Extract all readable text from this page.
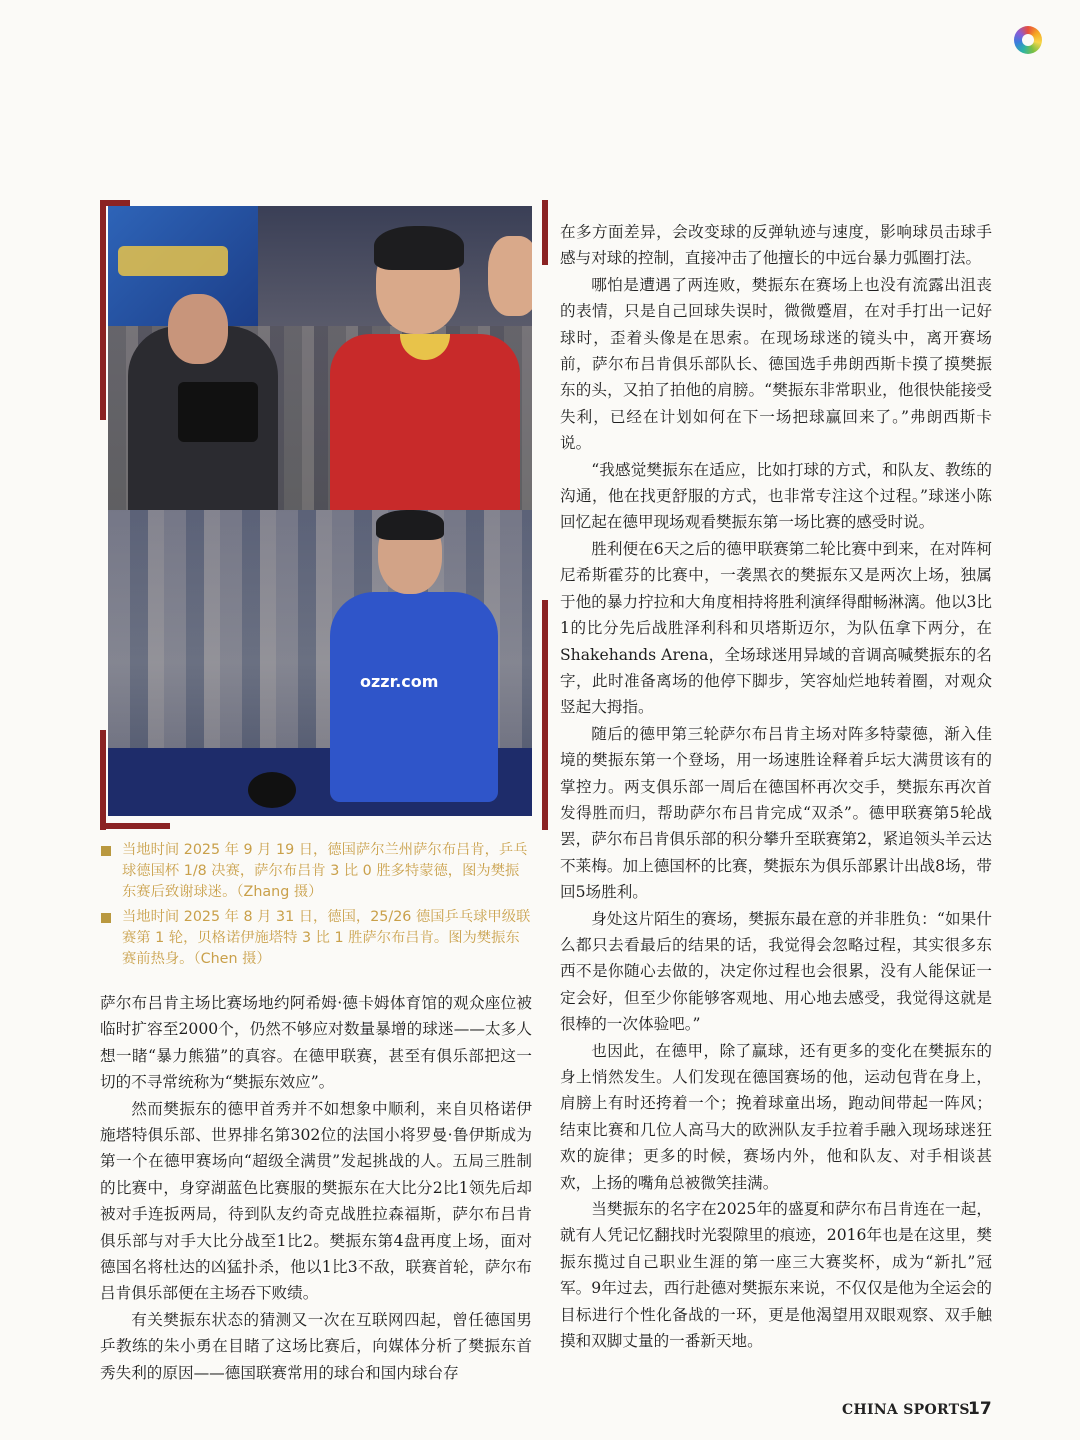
ozzr.com
当地时间 2025 年 9 月 19 日，德国萨尔兰州萨尔布吕肯，乒乓球德国杯 1/8 决赛，萨尔布吕肯 3 比 0 胜多特蒙德，图为樊振东赛后致谢球迷。（Zhang 摄）
当地时间 2025 年 8 月 31 日，德国，25/26 德国乒乓球甲级联赛第 1 轮，贝格诺伊施塔特 3 比 1 胜萨尔布吕肯。图为樊振东赛前热身。（Chen 摄）

萨尔布吕肯主场比赛场地约阿希姆·德卡姆体育馆的观众座位被临时扩容至2000个，仍然不够应对数量暴增的球迷——太多人想一睹“暴力熊猫”的真容。在德甲联赛，甚至有俱乐部把这一切的不寻常统称为“樊振东效应”。

然而樊振东的德甲首秀并不如想象中顺利，来自贝格诺伊施塔特俱乐部、世界排名第302位的法国小将罗曼·鲁伊斯成为第一个在德甲赛场向“超级全满贯”发起挑战的人。五局三胜制的比赛中，身穿湖蓝色比赛服的樊振东在大比分2比1领先后却被对手连扳两局，待到队友约奇克战胜拉森福斯，萨尔布吕肯俱乐部与对手大比分战至1比2。樊振东第4盘再度上场，面对德国名将杜达的凶猛扑杀，他以1比3不敌，联赛首轮，萨尔布吕肯俱乐部便在主场吞下败绩。

有关樊振东状态的猜测又一次在互联网四起，曾任德国男乒教练的朱小勇在目睹了这场比赛后，向媒体分析了樊振东首秀失利的原因——德国联赛常用的球台和国内球台存

在多方面差异，会改变球的反弹轨迹与速度，影响球员击球手感与对球的控制，直接冲击了他擅长的中远台暴力弧圈打法。

哪怕是遭遇了两连败，樊振东在赛场上也没有流露出沮丧的表情，只是自己回球失误时，微微蹙眉，在对手打出一记好球时，歪着头像是在思索。在现场球迷的镜头中，离开赛场前，萨尔布吕肯俱乐部队长、德国选手弗朗西斯卡摸了摸樊振东的头，又拍了拍他的肩膀。“樊振东非常职业，他很快能接受失利，已经在计划如何在下一场把球赢回来了。”弗朗西斯卡说。

“我感觉樊振东在适应，比如打球的方式，和队友、教练的沟通，他在找更舒服的方式，也非常专注这个过程。”球迷小陈回忆起在德甲现场观看樊振东第一场比赛的感受时说。

胜利便在6天之后的德甲联赛第二轮比赛中到来，在对阵柯尼希斯霍芬的比赛中，一袭黑衣的樊振东又是两次上场，独属于他的暴力拧拉和大角度相持将胜利演绎得酣畅淋漓。他以3比1的比分先后战胜泽利科和贝塔斯迈尔，为队伍拿下两分，在 Shakehands Arena，全场球迷用异域的音调高喊樊振东的名字，此时准备离场的他停下脚步，笑容灿烂地转着圈，对观众竖起大拇指。

随后的德甲第三轮萨尔布吕肯主场对阵多特蒙德，渐入佳境的樊振东第一个登场，用一场速胜诠释着乒坛大满贯该有的掌控力。两支俱乐部一周后在德国杯再次交手，樊振东再次首发得胜而归，帮助萨尔布吕肯完成“双杀”。德甲联赛第5轮战罢，萨尔布吕肯俱乐部的积分攀升至联赛第2，紧追领头羊云达不莱梅。加上德国杯的比赛，樊振东为俱乐部累计出战8场，带回5场胜利。

身处这片陌生的赛场，樊振东最在意的并非胜负：“如果什么都只去看最后的结果的话，我觉得会忽略过程，其实很多东西不是你随心去做的，决定你过程也会很累，没有人能保证一定会好，但至少你能够客观地、用心地去感受，我觉得这就是很棒的一次体验吧。”

也因此，在德甲，除了赢球，还有更多的变化在樊振东的身上悄然发生。人们发现在德国赛场的他，运动包背在身上，肩膀上有时还挎着一个；挽着球童出场，跑动间带起一阵风；结束比赛和几位人高马大的欧洲队友手拉着手融入现场球迷狂欢的旋律；更多的时候，赛场内外，他和队友、对手相谈甚欢，上扬的嘴角总被微笑挂满。

当樊振东的名字在2025年的盛夏和萨尔布吕肯连在一起，就有人凭记忆翻找时光裂隙里的痕迹，2016年也是在这里，樊振东揽过自己职业生涯的第一座三大赛奖杯，成为“新扎”冠军。9年过去，西行赴德对樊振东来说，不仅仅是他为全运会的目标进行个性化备战的一环，更是他渴望用双眼观察、双手触摸和双脚丈量的一番新天地。

CHINA SPORTS
17
